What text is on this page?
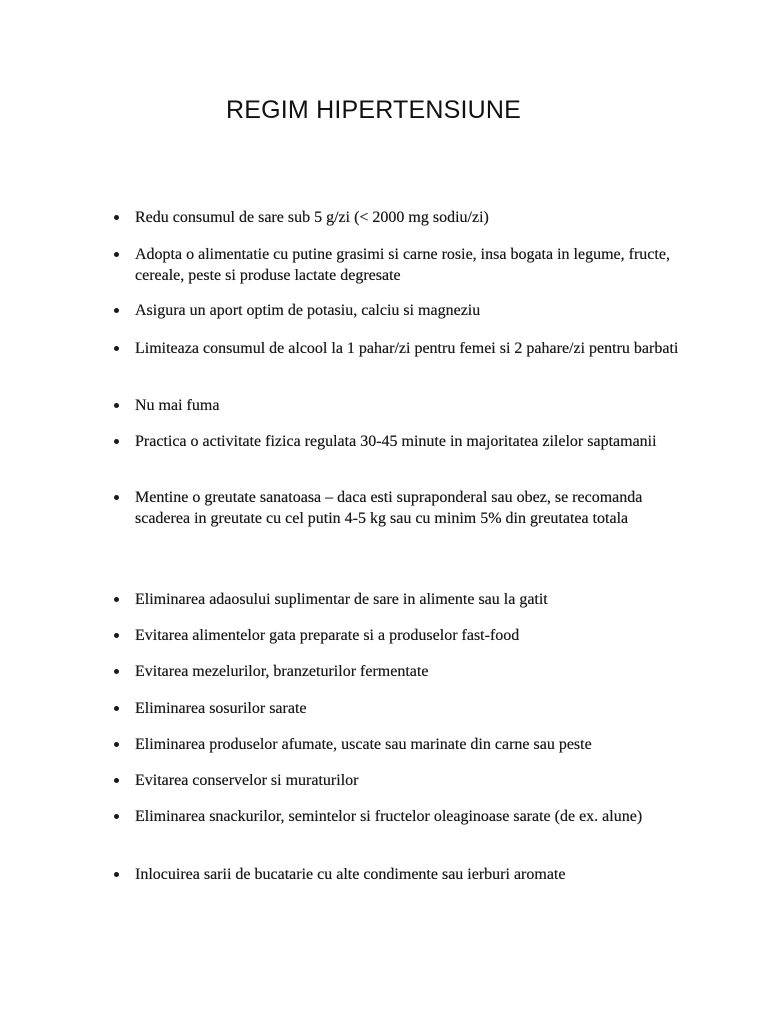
REGIM HIPERTENSIUNE
Redu consumul de sare sub 5 g/zi (< 2000 mg sodiu/zi)
Adopta o alimentatie cu putine grasimi si carne rosie, insa bogata in legume, fructe, cereale, peste si produse lactate degresate
Asigura un aport optim de potasiu, calciu si magneziu
Limiteaza consumul de alcool la 1 pahar/zi pentru femei si 2 pahare/zi pentru barbati
Nu mai fuma
Practica o activitate fizica regulata 30-45 minute in majoritatea zilelor saptamanii
Mentine o greutate sanatoasa – daca esti supraponderal sau obez, se recomanda scaderea in greutate cu cel putin 4-5 kg sau cu minim 5% din greutatea totala
Eliminarea adaosului suplimentar de sare in alimente sau la gatit
Evitarea alimentelor gata preparate si a produselor fast-food
Evitarea mezelurilor, branzeturilor fermentate
Eliminarea sosurilor sarate
Eliminarea produselor afumate, uscate sau marinate din carne sau peste
Evitarea conservelor si muraturilor
Eliminarea snackurilor, semintelor si fructelor oleaginoase sarate (de ex. alune)
Inlocuirea sarii de bucatarie cu alte condimente sau ierburi aromate
